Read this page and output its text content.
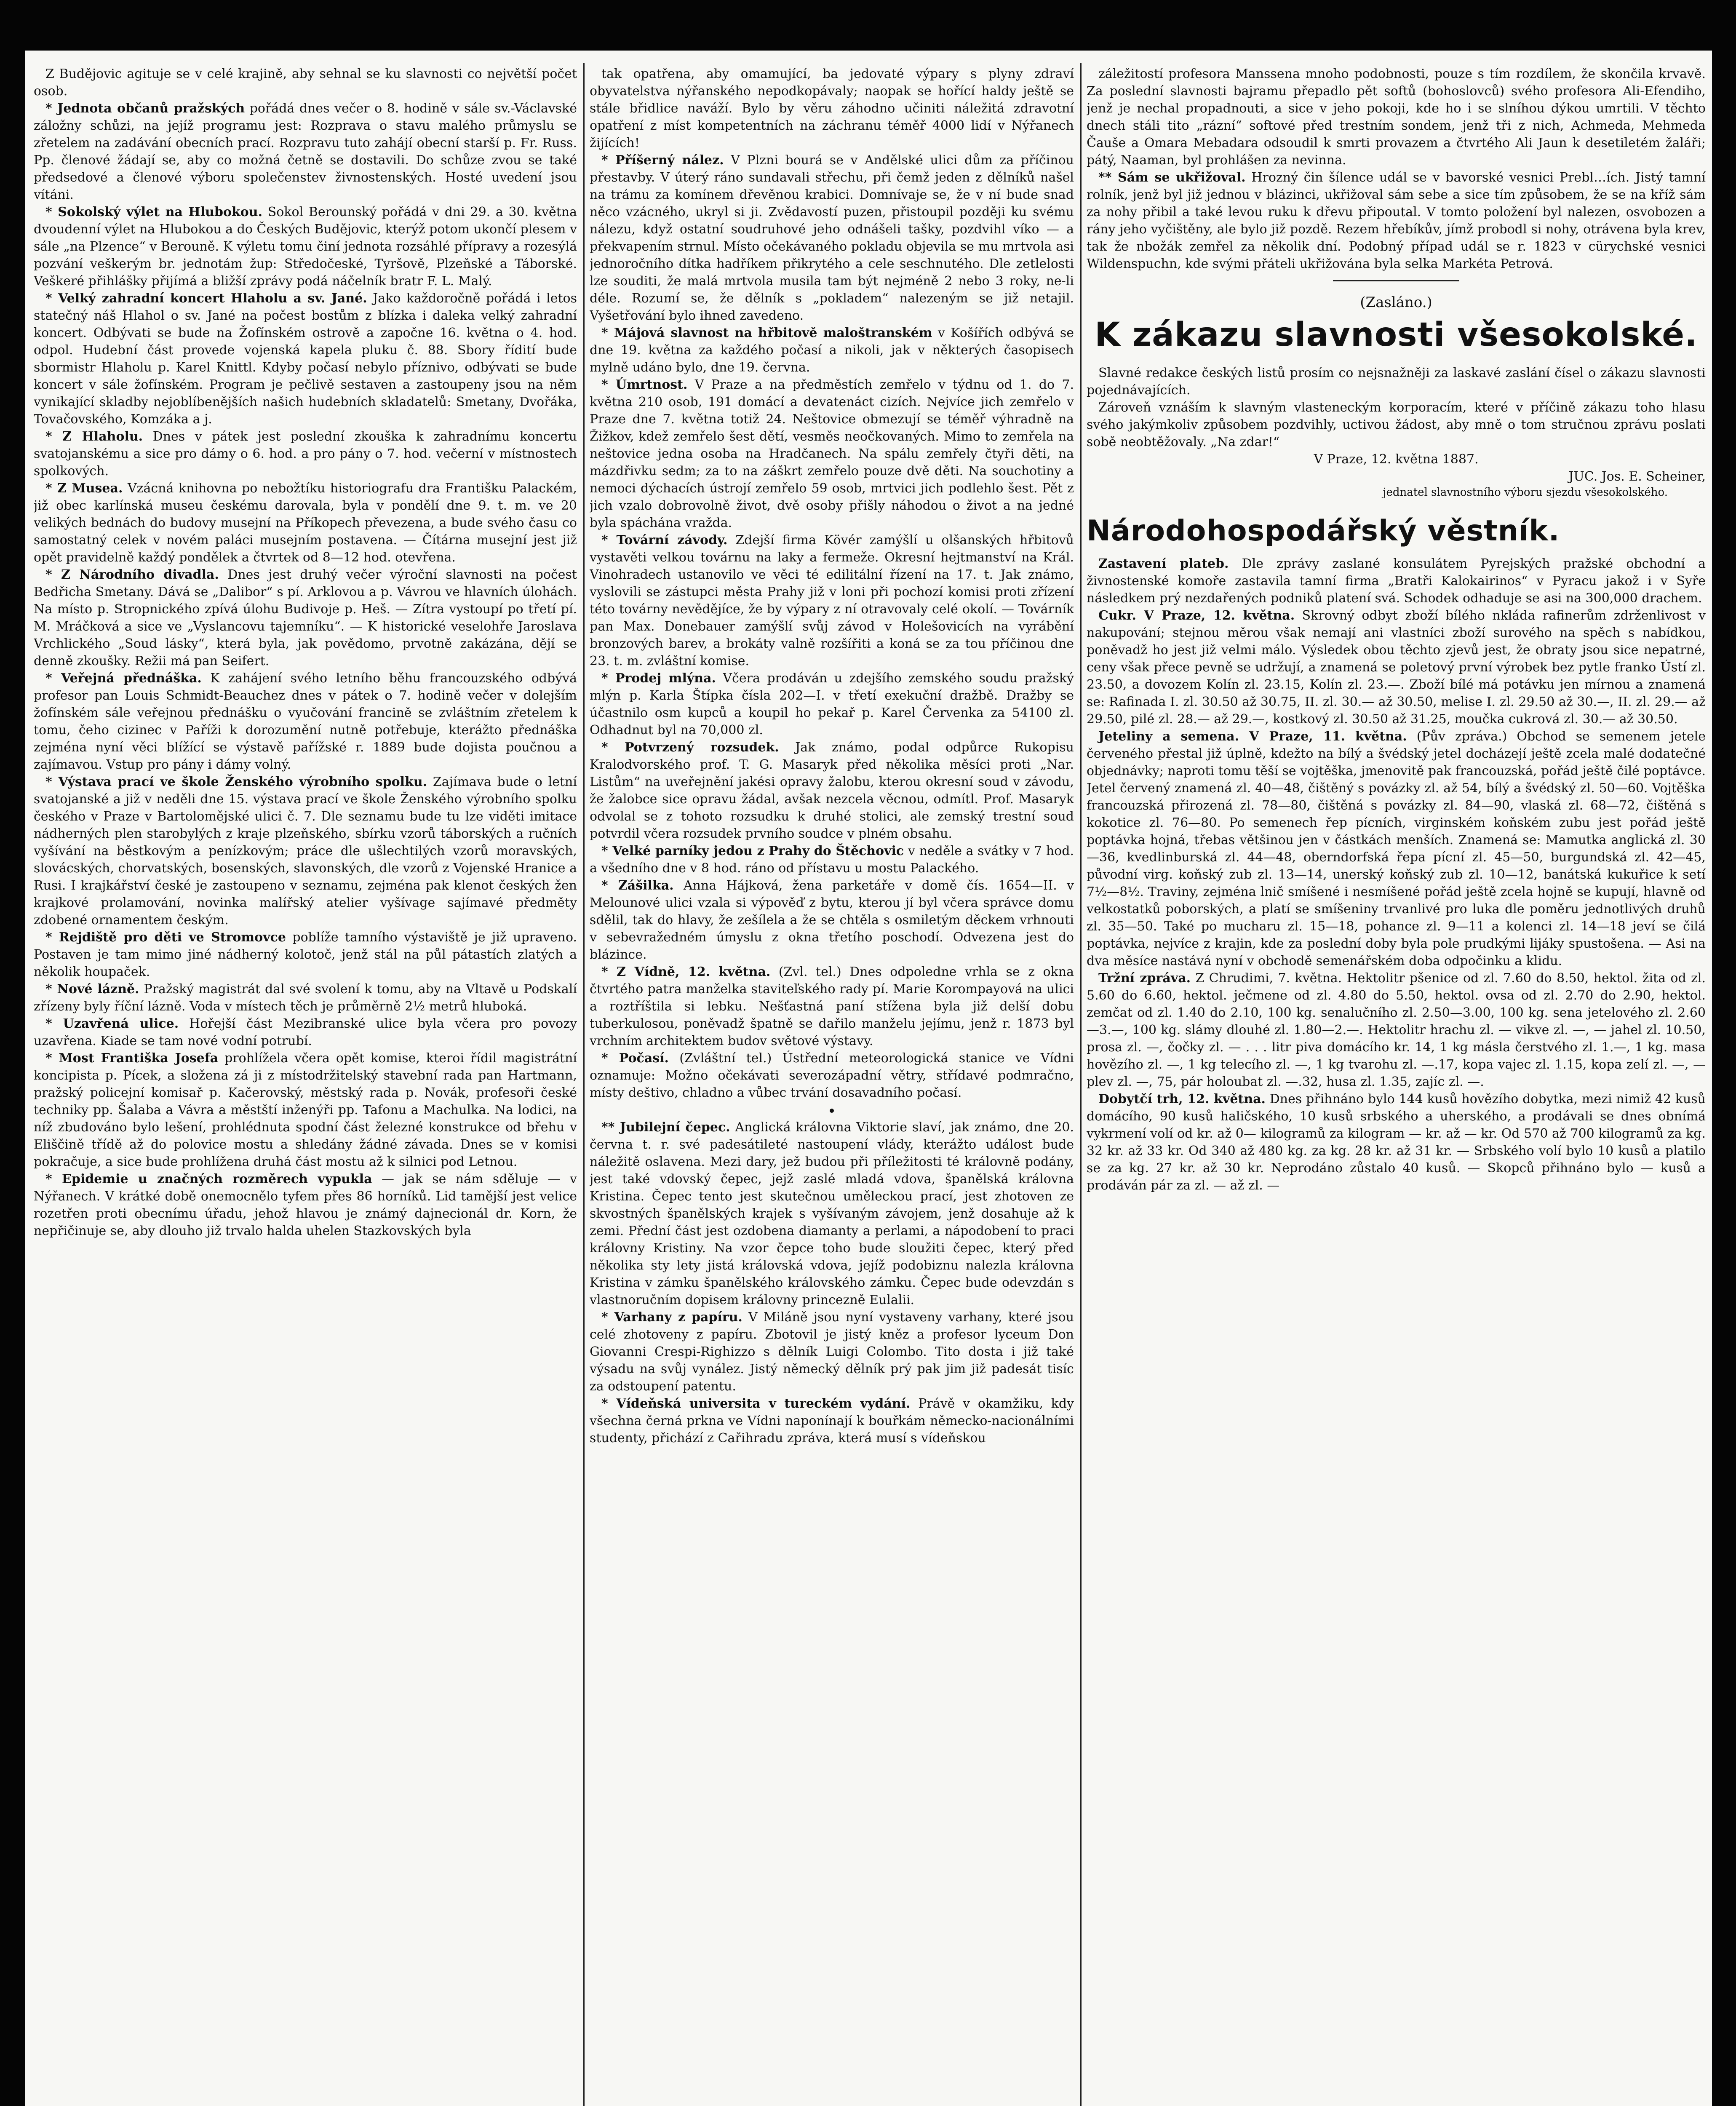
Z Budějovic agituje se v celé krajině, aby sehnal se ku slavnosti co největší počet osob.

* Jednota občanů pražských pořádá dnes večer o 8. hodině v sále sv.-Václavské záložny schůzi, na jejíž programu jest: Rozprava o stavu malého průmyslu se zřetelem na zadávání obecních prací. Rozpravu tuto zahájí obecní starší p. Fr. Russ. Pp. členové žádají se, aby co možná četně se dostavili. Do schůze zvou se také předsedové a členové výboru společenstev živnostenských. Hosté uvedení jsou vítáni.

* Sokolský výlet na Hlubokou. Sokol Berounský pořádá v dni 29. a 30. května dvoudenní výlet na Hlubokou a do Českých Budějovic, kterýž potom ukončí plesem v sále „na Plzence“ v Berouně. K výletu tomu činí jednota rozsáhlé přípravy a rozesýlá pozvání veškerým br. jednotám žup: Středočeské, Tyršově, Plzeňské a Táborské. Veškeré přihlášky přijímá a bližší zprávy podá náčelník bratr F. L. Malý.

* Velký zahradní koncert Hlaholu a sv. Jané. Jako každoročně pořádá i letos statečný náš Hlahol o sv. Jané na počest bostům z blízka i daleka velký zahradní koncert. Odbývati se bude na Žofínském ostrově a započne 16. května o 4. hod. odpol. Hudební část provede vojenská kapela pluku č. 88. Sbory řídití bude sbormistr Hlaholu p. Karel Knittl. Kdyby počasí nebylo příznivo, odbývati se bude koncert v sále žofínském. Program je pečlivě sestaven a zastoupeny jsou na něm vynikající skladby nejoblíbenějších našich hudebních skladatelů: Smetany, Dvořáka, Tovačovského, Komzáka a j.

* Z Hlaholu. Dnes v pátek jest poslední zkouška k zahradnímu koncertu svatojanskému a sice pro dámy o 6. hod. a pro pány o 7. hod. večerní v místnostech spolkových.

* Z Musea. Vzácná knihovna po nebožtíku historiografu dra Františku Palackém, již obec karlínská museu českému darovala, byla v pondělí dne 9. t. m. ve 20 velikých bednách do budovy musejní na Příkopech převezena, a bude svého času co samostatný celek v novém paláci musejním postavena. — Čítárna musejní jest již opět pravidelně každý pondělek a čtvrtek od 8—12 hod. otevřena.

* Z Národního divadla. Dnes jest druhý večer výroční slavnosti na počest Bedřicha Smetany. Dává se „Dalibor“ s pí. Arklovou a p. Vávrou ve hlavních úlohách. Na místo p. Stropnického zpívá úlohu Budivoje p. Heš. — Zítra vystoupí po třetí pí. M. Mráčková a sice ve „Vyslancovu tajemníku“. — K historické veselohře Jaroslava Vrchlického „Soud lásky“, která byla, jak povědomo, prvotně zakázána, dějí se denně zkoušky. Režii má pan Seifert.

* Veřejná přednáška. K zahájení svého letního běhu francouzského odbývá profesor pan Louis Schmidt-Beauchez dnes v pátek o 7. hodině večer v dolejším žofínském sále veřejnou přednášku o vyučování francině se zvláštním zřetelem k tomu, čeho cizinec v Paříži k dorozumění nutně potřebuje, kterážto přednáška zejména nyní věci blížící se výstavě pařížské r. 1889 bude dojista poučnou a zajímavou. Vstup pro pány i dámy volný.

* Výstava prací ve škole Ženského výrobního spolku. Zajímava bude o letní svatojanské a již v neděli dne 15. výstava prací ve škole Ženského výrobního spolku českého v Praze v Bartolomějské ulici č. 7. Dle seznamu bude tu lze viděti imitace nádherných plen starobylých z kraje plzeňského, sbírku vzorů táborských a ručních vyšívání na běstkovým a penízkovým; práce dle ušlechtilých vzorů moravských, slovácských, chorvatských, bosenských, slavonských, dle vzorů z Vojenské Hranice a Rusi. I krajkářství české je zastoupeno v seznamu, zejména pak klenot českých žen krajkové prolamování, novinka malířský atelier vyšívage sajímavé předměty zdobené ornamentem českým.

* Rejdiště pro děti ve Stromovce poblíže tamního výstaviště je již upraveno. Postaven je tam mimo jiné nádherný kolotoč, jenž stál na půl pátastích zlatých a několik houpaček.

* Nové lázně. Pražský magistrát dal své svolení k tomu, aby na Vltavě u Podskalí zřízeny byly říční lázně. Voda v místech těch je průměrně 2½ metrů hluboká.

* Uzavřená ulice. Hořejší část Mezibranské ulice byla včera pro povozy uzavřena. Kiade se tam nové vodní potrubí.

* Most Františka Josefa prohlížela včera opět komise, kteroi řídil magistrátní koncipista p. Pícek, a složena zá ji z místodržitelský stavební rada pan Hartmann, pražský policejní komisař p. Kačerovský, městský rada p. Novák, profesoři české techniky pp. Šalaba a Vávra a městští inženýři pp. Tafonu a Machulka. Na lodici, na níž zbudováno bylo lešení, prohlédnuta spodní část železné konstrukce od břehu v Eliščině třídě až do polovice mostu a shledány žádné závada. Dnes se v komisi pokračuje, a sice bude prohlížena druhá část mostu až k silnici pod Letnou.

* Epidemie u značných rozměrech vypukla — jak se nám sděluje — v Nýřanech. V krátké době onemocnělo tyfem přes 86 horníků. Lid tamější jest velice rozetřen proti obecnímu úřadu, jehož hlavou je známý dajnecionál dr. Korn, že nepřičinuje se, aby dlouho již trvalo halda uhelen Stazkovských byla

tak opatřena, aby omamující, ba jedovaté výpary s plyny zdraví obyvatelstva nýřanského nepodkopávaly; naopak se hořící haldy ještě se stále břidlice naváží. Bylo by věru záhodno učiniti náležitá zdravotní opatření z míst kompetentních na záchranu téměř 4000 lidí v Nýřanech žijících!

* Příšerný nález. V Plzni bourá se v Andělské ulici dům za příčinou přestavby. V úterý ráno sundavali střechu, při čemž jeden z dělníků našel na trámu za komínem dřevěnou krabici. Domnívaje se, že v ní bude snad něco vzácného, ukryl si ji. Zvědavostí puzen, přistoupil později ku svému nálezu, když ostatní soudruhové jeho odnášeli tašky, pozdvihl víko — a překvapením strnul. Místo očekávaného pokladu objevila se mu mrtvola asi jednoročního dítka hadříkem přikrytého a cele seschnutého. Dle zetlelosti lze souditi, že malá mrtvola musila tam být nejméně 2 nebo 3 roky, ne-li déle. Rozumí se, že dělník s „pokladem“ nalezeným se již netajil. Vyšetřování bylo ihned zavedeno.

* Májová slavnost na hřbitově maloštranském v Košířích odbývá se dne 19. května za každého počasí a nikoli, jak v některých časopisech mylně udáno bylo, dne 19. června.

* Úmrtnost. V Praze a na předměstích zemřelo v týdnu od 1. do 7. května 210 osob, 191 domácí a devatenáct cizích. Nejvíce jich zemřelo v Praze dne 7. května totiž 24. Neštovice obmezují se téměř výhradně na Žižkov, kdež zemřelo šest dětí, vesměs neočkovaných. Mimo to zemřela na neštovice jedna osoba na Hradčanech. Na spálu zemřely čtyři děti, na mázdřivku sedm; za to na záškrt zemřelo pouze dvě děti. Na souchotiny a nemoci dýchacích ústrojí zemřelo 59 osob, mrtvici jich podlehlo šest. Pět z jich vzalo dobrovolně život, dvě osoby přišly náhodou o život a na jedné byla spáchána vražda.

* Tovární závody. Zdejší firma Kövér zamýšlí u olšanských hřbitovů vystavěti velkou továrnu na laky a fermeže. Okresní hejtmanství na Král. Vinohradech ustanovilo ve věci té edilitální řízení na 17. t. Jak známo, vyslovili se zástupci města Prahy již v loni při pochozí komisi proti zřízení této továrny nevědějíce, že by výpary z ní otravovaly celé okolí. — Továrník pan Max. Donebauer zamýšlí svůj závod v Holešovicích na vyrábění bronzových barev, a brokáty valně rozšířiti a koná se za tou příčinou dne 23. t. m. zvláštní komise.

* Prodej mlýna. Včera prodáván u zdejšího zemského soudu pražský mlýn p. Karla Štípka čísla 202—I. v třetí exekuční dražbě. Dražby se účastnilo osm kupců a koupil ho pekař p. Karel Červenka za 54100 zl. Odhadnut byl na 70,000 zl.

* Potvrzený rozsudek. Jak známo, podal odpůrce Rukopisu Kralodvorského prof. T. G. Masaryk před několika měsíci proti „Nar. Listům“ na uveřejnění jakési opravy žalobu, kterou okresní soud v závodu, že žalobce sice opravu žádal, avšak nezcela věcnou, odmítl. Prof. Masaryk odvolal se z tohoto rozsudku k druhé stolici, ale zemský trestní soud potvrdil včera rozsudek prvního soudce v plném obsahu.

* Velké parníky jedou z Prahy do Štěchovic v neděle a svátky v 7 hod. a všedního dne v 8 hod. ráno od přístavu u mostu Palackého.

* Zášilka. Anna Hájková, žena parketáře v domě čís. 1654—II. v Melounové ulici vzala si výpověď z bytu, kterou jí byl včera správce domu sdělil, tak do hlavy, že zešílela a že se chtěla s osmiletým děckem vrhnouti v sebevražedném úmyslu z okna třetího poschodí. Odvezena jest do blázince.

* Z Vídně, 12. května. (Zvl. tel.) Dnes odpoledne vrhla se z okna čtvrtého patra manželka staviteľského rady pí. Marie Korompayová na ulici a roztříštila si lebku. Nešťastná paní stížena byla již delší dobu tuberkulosou, poněvadž špatně se dařilo manželu jejímu, jenž r. 1873 byl vrchním architektem budov světové výstavy.

* Počasí. (Zvláštní tel.) Ústřední meteorologická stanice ve Vídni oznamuje: Možno očekávati severozápadní větry, střídavé podmračno, místy deštivo, chladno a vůbec trvání dosavadního počasí.

** Jubilejní čepec. Anglická královna Viktorie slaví, jak známo, dne 20. června t. r. své padesátileté nastoupení vlády, kterážto událost bude náležitě oslavena. Mezi dary, jež budou při příležitosti té královně podány, jest také vdovský čepec, jejž zaslé mladá vdova, španělská královna Kristina. Čepec tento jest skutečnou uměleckou prací, jest zhotoven ze skvostných španělských krajek s vyšívaným závojem, jenž dosahuje až k zemi. Přední část jest ozdobena diamanty a perlami, a nápodobení to praci královny Kristiny. Na vzor čepce toho bude sloužiti čepec, který před několika sty lety jistá královská vdova, jejíž podobiznu nalezla královna Kristina v zámku španělského královského zámku. Čepec bude odevzdán s vlastnoručním dopisem královny princezně Eulalii.

* Varhany z papíru. V Miláně jsou nyní vystaveny varhany, které jsou celé zhotoveny z papíru. Zbotovil je jistý kněz a profesor lyceum Don Giovanni Crespi-Righizzo s dělník Luigi Colombo. Tito dosta i již také výsadu na svůj vynález. Jistý německý dělník prý pak jim již padesát tisíc za odstoupení patentu.

* Vídeňská universita v tureckém vydání. Právě v okamžiku, kdy všechna černá prkna ve Vídni naponínají k bouřkám německo-nacionálními studenty, přichází z Cařihradu zpráva, která musí s vídeňskou

záležitostí profesora Manssena mnoho podobnosti, pouze s tím rozdílem, že skončila krvavě. Za poslední slavnosti bajramu přepadlo pět softů (bohoslovců) svého profesora Ali-Efendiho, jenž je nechal propadnouti, a sice v jeho pokoji, kde ho i se slníhou dýkou umrtili. V těchto dnech stáli tito „rázní“ softové před trestním sondem, jenž tři z nich, Achmeda, Mehmeda Čauše a Omara Mebadara odsoudil k smrti provazem a čtvrtého Ali Jaun k desetiletém žaláři; pátý, Naaman, byl prohlášen za nevinna.

** Sám se ukřižoval. Hrozný čin šílence udál se v bavorské vesnici Prebl…ích. Jistý tamní rolník, jenž byl již jednou v blázinci, ukřižoval sám sebe a sice tím způsobem, že se na kříž sám za nohy přibil a také levou ruku k dřevu připoutal. V tomto položení byl nalezen, osvobozen a rány jeho vyčištěny, ale bylo již pozdě. Rezem hřebíkův, jímž probodl si nohy, otrávena byla krev, tak že nbožák zemřel za několik dní. Podobný případ udál se r. 1823 v cürychské vesnici Wildenspuchn, kde svými přáteli ukřižována byla selka Markéta Petrová.

(Zasláno.)

K zákazu slavnosti všesokolské.

Slavné redakce českých listů prosím co nejsnažněji za laskavé zaslání čísel o zákazu slavnosti pojednávajících.

Zároveň vznáším k slavným vlasteneckým korporacím, které v příčině zákazu toho hlasu svého jakýmkoliv způsobem pozdvihly, uctivou žádost, aby mně o tom stručnou zprávu poslati sobě neobtěžovaly. „Na zdar!“

V Praze, 12. května 1887.

JUC. Jos. E. Scheiner,

jednatel slavnostního výboru sjezdu všesokolského.

Národohospodářský věstník.

Zastavení plateb. Dle zprávy zaslané konsulátem Pyrejských pražské obchodní a živnostenské komoře zastavila tamní firma „Bratři Kalokairinos“ v Pyracu jakož i v Syře následkem prý nezdařených podniků platení svá. Schodek odhaduje se asi na 300,000 drachem.

Cukr. V Praze, 12. května. Skrovný odbyt zboží bílého nkláda rafinerům zdrženlivost v nakupování; stejnou měrou však nemají ani vlastníci zboží surového na spěch s nabídkou, poněvadž ho jest již velmi málo. Výsledek obou těchto zjevů jest, že obraty jsou sice nepatrné, ceny však přece pevně se udržují, a znamená se poletový první výrobek bez pytle franko Ústí zl. 23.50, a dovozem Kolín zl. 23.15, Kolín zl. 23.—. Zboží bílé má potávku jen mírnou a znamená se: Rafinada I. zl. 30.50 až 30.75, II. zl. 30.— až 30.50, melise I. zl. 29.50 až 30.—, II. zl. 29.— až 29.50, pilé zl. 28.— až 29.—, kostkový zl. 30.50 až 31.25, moučka cukrová zl. 30.— až 30.50.

Jeteliny a semena. V Praze, 11. května. (Pův zpráva.) Obchod se semenem jetele červeného přestal již úplně, kdežto na bílý a švédský jetel docházejí ještě zcela malé dodatečné objednávky; naproti tomu těší se vojtěška, jmenovitě pak francouzská, pořád ještě čilé poptávce. Jetel červený znamená zl. 40—48, čištěný s povázky zl. až 54, bílý a švédský zl. 50—60. Vojtěška francouzská přirozená zl. 78—80, čištěná s povázky zl. 84—90, vlaská zl. 68—72, čištěná s kokotice zl. 76—80. Po semenech řep pícních, virginském koňském zubu jest pořád ještě poptávka hojná, třebas většinou jen v částkách menších. Znamená se: Mamutka anglická zl. 30—36, kvedlinburská zl. 44—48, oberndorfská řepa pícní zl. 45—50, burgundská zl. 42—45, původní virg. koňský zub zl. 13—14, unerský koňský zub zl. 10—12, banátská kukuřice k setí 7½—8½. Traviny, zejména lnič smíšené i nesmíšené pořád ještě zcela hojně se kupují, hlavně od velkostatků poborských, a platí se smíšeniny trvanlivé pro luka dle poměru jednotlivých druhů zl. 35—50. Také po mucharu zl. 15—18, pohance zl. 9—11 a kolenci zl. 14—18 jeví se čilá poptávka, nejvíce z krajin, kde za poslední doby byla pole prudkými lijáky spustošena. — Asi na dva měsíce nastává nyní v obchodě semenářském doba odpočinku a klidu.

Tržní zpráva. Z Chrudimi, 7. května. Hektolitr pšenice od zl. 7.60 do 8.50, hektol. žita od zl. 5.60 do 6.60, hektol. ječmene od zl. 4.80 do 5.50, hektol. ovsa od zl. 2.70 do 2.90, hektol. zemčat od zl. 1.40 do 2.10, 100 kg. senalučního zl. 2.50—3.00, 100 kg. sena jetelového zl. 2.60—3.—, 100 kg. slámy dlouhé zl. 1.80—2.—. Hektolitr hrachu zl. — vikve zl. —, — jahel zl. 10.50, prosa zl. —, čočky zl. — . . . litr piva domácího kr. 14, 1 kg másla čerstvého zl. 1.—, 1 kg. masa hovězího zl. —, 1 kg telecího zl. —, 1 kg tvarohu zl. —.17, kopa vajec zl. 1.15, kopa zelí zl. —, — plev zl. —, 75, pár holoubat zl. —.32, husa zl. 1.35, zajíc zl. —.

Dobytčí trh, 12. května. Dnes přihnáno bylo 144 kusů hovězího dobytka, mezi nimiž 42 kusů domácího, 90 kusů haličského, 10 kusů srbského a uherského, a prodávali se dnes obnímá vykrmení volí od kr. až 0— kilogramů za kilogram — kr. až — kr. Od 570 až 700 kilogramů za kg. 32 kr. až 33 kr. Od 340 až 480 kg. za kg. 28 kr. až 31 kr. — Srbského volí bylo 10 kusů a platilo se za kg. 27 kr. až 30 kr. Neprodáno zůstalo 40 kusů. — Skopců přihnáno bylo — kusů a prodáván pár za zl. — až zl. —
